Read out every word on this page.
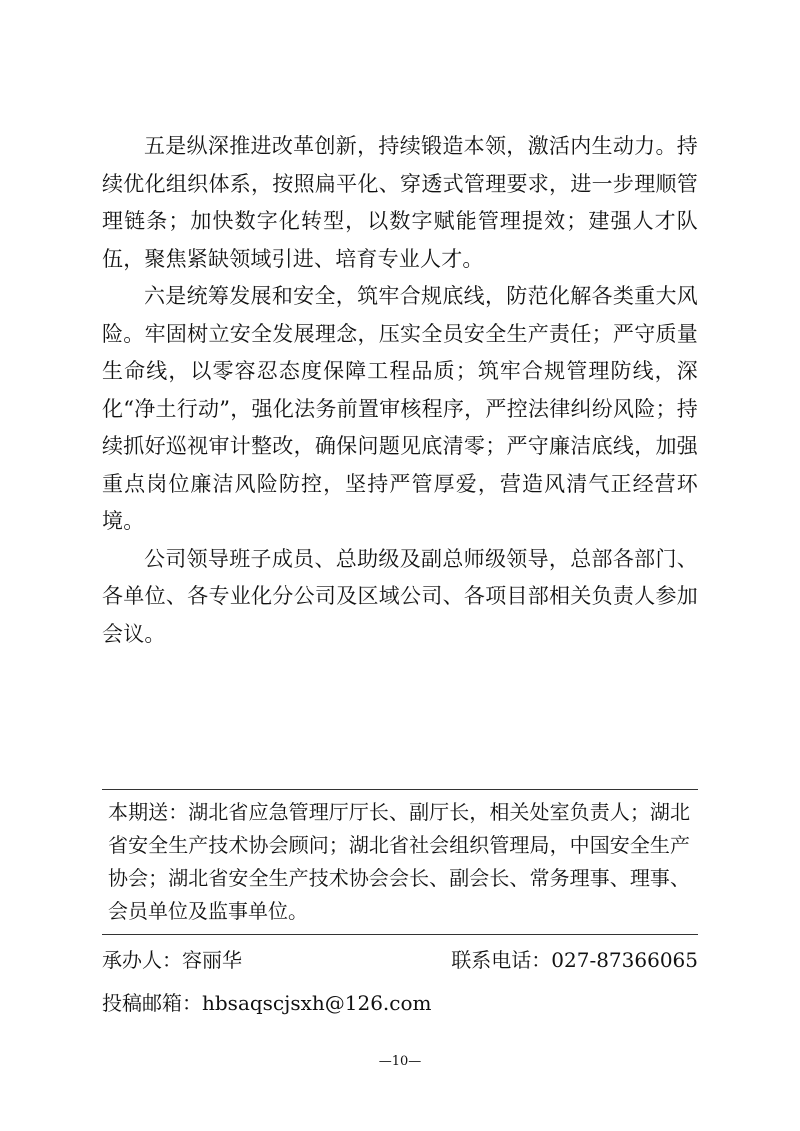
五是纵深推进改革创新，持续锻造本领，激活内生动力。持续优化组织体系，按照扁平化、穿透式管理要求，进一步理顺管理链条；加快数字化转型，以数字赋能管理提效；建强人才队伍，聚焦紧缺领域引进、培育专业人才。

六是统筹发展和安全，筑牢合规底线，防范化解各类重大风险。牢固树立安全发展理念，压实全员安全生产责任；严守质量生命线，以零容忍态度保障工程品质；筑牢合规管理防线，深化“净土行动”，强化法务前置审核程序，严控法律纠纷风险；持续抓好巡视审计整改，确保问题见底清零；严守廉洁底线，加强重点岗位廉洁风险防控，坚持严管厚爱，营造风清气正经营环境。

公司领导班子成员、总助级及副总师级领导，总部各部门、各单位、各专业化分公司及区域公司、各项目部相关负责人参加会议。

本期送：湖北省应急管理厅厅长、副厅长，相关处室负责人；湖北省安全生产技术协会顾问；湖北省社会组织管理局，中国安全生产协会；湖北省安全生产技术协会会长、副会长、常务理事、理事、会员单位及监事单位。

承办人：容丽华	联系电话：027-87366065
投稿邮箱：hbsaqscjsxh@126.com
—10—
